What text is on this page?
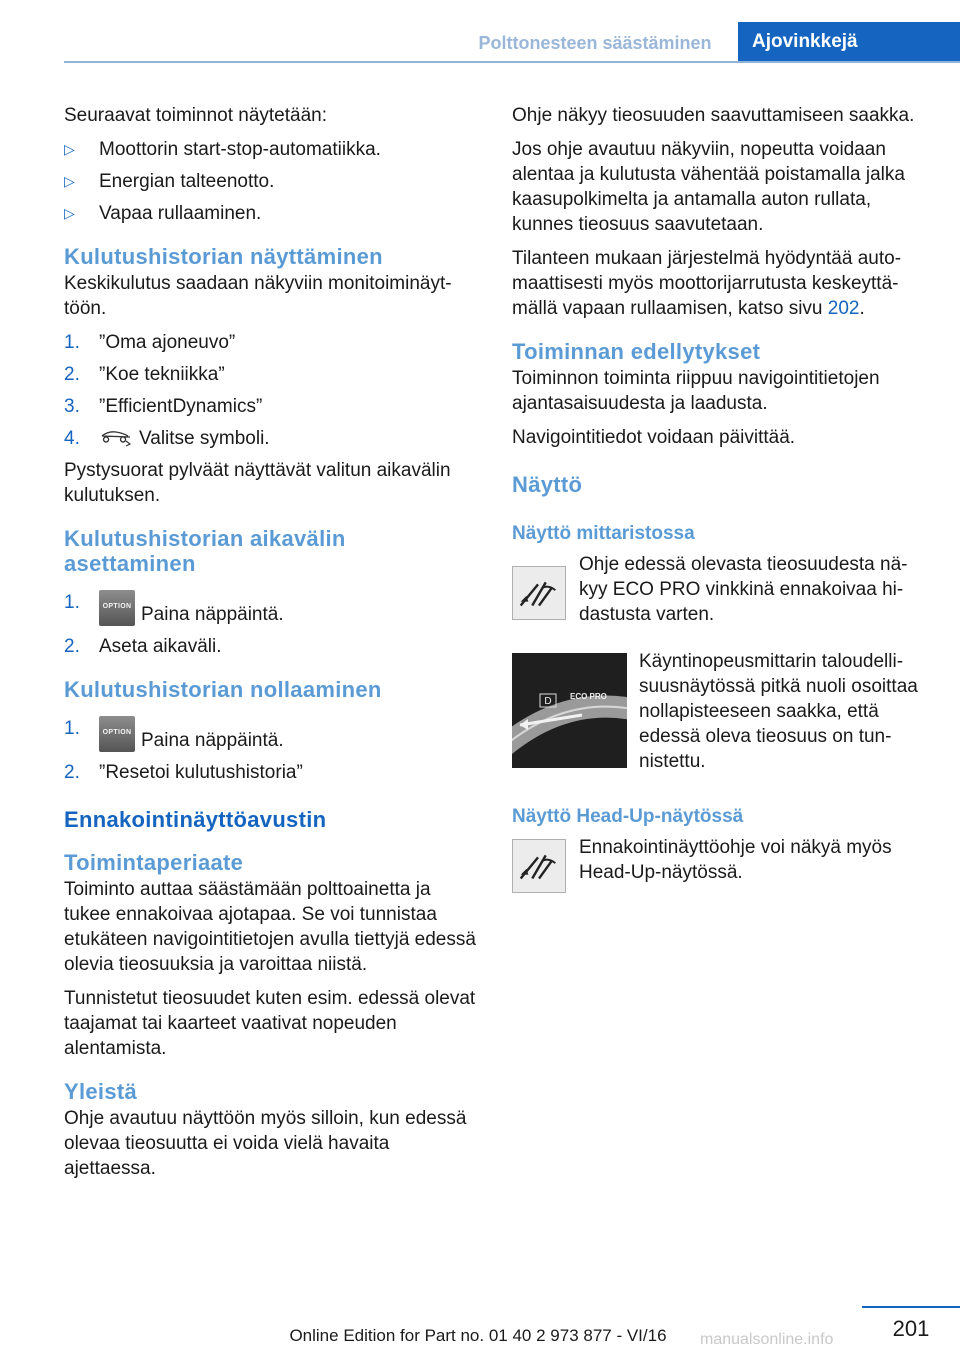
Polttonesteen säästäminen	Ajovinkkejä

Seuraavat toiminnot näytetään:

▷ Moottorin start-stop-automatiikka.
▷ Energian talteenotto.
▷ Vapaa rullaaminen.
Kulutushistorian näyttäminen

Keskikulutus saadaan näkyviin monitoiminäyttöön.

1. ”Oma ajoneuvo”
2. ”Koe tekniikka”
3. ”EfficientDynamics”
4.	Valitse symboli.

Pystysuorat pylväät näyttävät valitun aikavälin kulutuksen.

Kulutushistorian aikavälin asettaminen
1.	OPTION Paina näppäintä.
2. Aseta aikaväli.
Kulutushistorian nollaaminen
1.	OPTION Paina näppäintä.
2. ”Resetoi kulutushistoria”
Ennakointinäyttöavustin
Toimintaperiaate

Toiminto auttaa säästämään polttoainetta ja tukee ennakoivaa ajotapaa. Se voi tunnistaa etukäteen navigointitietojen avulla tiettyjä edessä olevia tieosuuksia ja varoittaa niistä.

Tunnistetut tieosuudet kuten esim. edessä olevat taajamat tai kaarteet vaativat nopeuden alentamista.

Yleistä

Ohje avautuu näyttöön myös silloin, kun edessä olevaa tieosuutta ei voida vielä havaita ajettaessa.

Ohje näkyy tieosuuden saavuttamiseen saakka.

Jos ohje avautuu näkyviin, nopeutta voidaan alentaa ja kulutusta vähentää poistamalla jalka kaasupolkimelta ja antamalla auton rullata, kunnes tieosuus saavutetaan.

Tilanteen mukaan järjestelmä hyödyntää automaattisesti myös moottorijarrutusta keskeyttämällä vapaan rullaamisen, katso sivu 202.

Toiminnan edellytykset

Toiminnon toiminta riippuu navigointitietojen ajantasaisuudesta ja laadusta.

Navigointitiedot voidaan päivittää.

Näyttö
Näyttö mittaristossa

Ohje edessä olevasta tieosuudesta näkyy ECO PRO vinkkinä ennakoivaa hidastusta varten.

D ECO PRO

Käyntinopeusmittarin taloudellisuusnäytössä pitkä nuoli osoittaa nollapisteeseen saakka, että edessä oleva tieosuus on tunnistettu.

Näyttö Head-Up-näytössä

Ennakointinäyttöohje voi näkyä myös Head-Up-näytössä.

201
Online Edition for Part no. 01 40 2 973 877 - VI/16	manualsonline.info
